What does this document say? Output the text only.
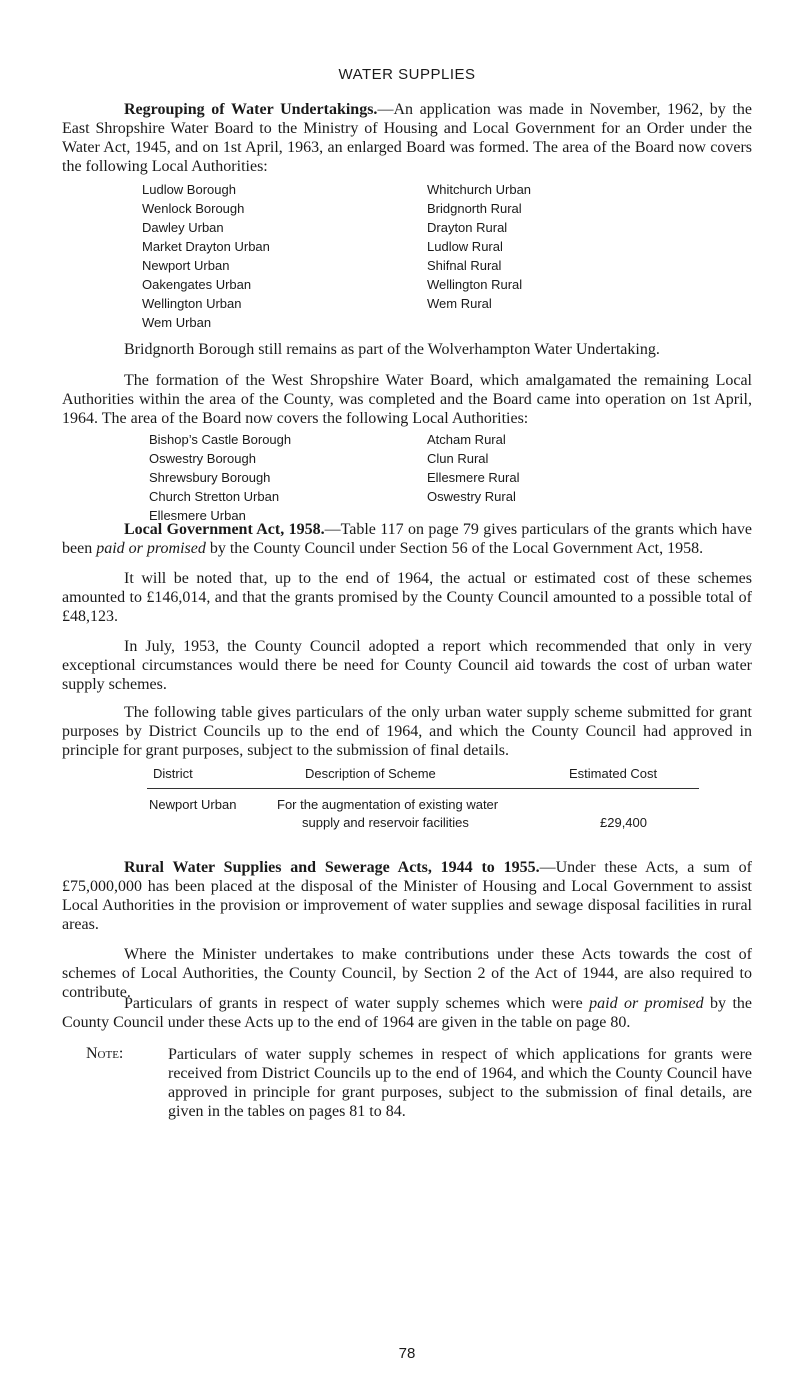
WATER SUPPLIES

Regrouping of Water Undertakings.—An application was made in November, 1962, by the East Shropshire Water Board to the Ministry of Housing and Local Government for an Order under the Water Act, 1945, and on 1st April, 1963, an enlarged Board was formed. The area of the Board now covers the following Local Authorities:

Ludlow Borough
Wenlock Borough
Dawley Urban
Market Drayton Urban
Newport Urban
Oakengates Urban
Wellington Urban
Wem Urban
Whitchurch Urban
Bridgnorth Rural
Drayton Rural
Ludlow Rural
Shifnal Rural
Wellington Rural
Wem Rural

Bridgnorth Borough still remains as part of the Wolverhampton Water Undertaking.

The formation of the West Shropshire Water Board, which amalgamated the remaining Local Authorities within the area of the County, was completed and the Board came into operation on 1st April, 1964. The area of the Board now covers the following Local Authorities:

Bishop’s Castle Borough
Oswestry Borough
Shrewsbury Borough
Church Stretton Urban
Ellesmere Urban
Atcham Rural
Clun Rural
Ellesmere Rural
Oswestry Rural

Local Government Act, 1958.—Table 117 on page 79 gives particulars of the grants which have been paid or promised by the County Council under Section 56 of the Local Government Act, 1958.

It will be noted that, up to the end of 1964, the actual or estimated cost of these schemes amounted to £146,014, and that the grants promised by the County Council amounted to a possible total of £48,123.

In July, 1953, the County Council adopted a report which recommended that only in very exceptional circumstances would there be need for County Council aid towards the cost of urban water supply schemes.

The following table gives particulars of the only urban water supply scheme submitted for grant purposes by District Councils up to the end of 1964, and which the County Council had approved in principle for grant purposes, subject to the submission of final details.

District	Description of Scheme	Estimated Cost
Newport Urban	For the augmentation of existing water
supply and reservoir facilities	£29,400

Rural Water Supplies and Sewerage Acts, 1944 to 1955.—Under these Acts, a sum of £75,000,000 has been placed at the disposal of the Minister of Housing and Local Government to assist Local Authorities in the provision or improvement of water supplies and sewage disposal facilities in rural areas.

Where the Minister undertakes to make contributions under these Acts towards the cost of schemes of Local Authorities, the County Council, by Section 2 of the Act of 1944, are also required to contribute.

Particulars of grants in respect of water supply schemes which were paid or promised by the County Council under these Acts up to the end of 1964 are given in the table on page 80.

Note:	Particulars of water supply schemes in respect of which applications for grants were received from District Councils up to the end of 1964, and which the County Council have approved in principle for grant purposes, subject to the submission of final details, are given in the tables on pages 81 to 84.

78
